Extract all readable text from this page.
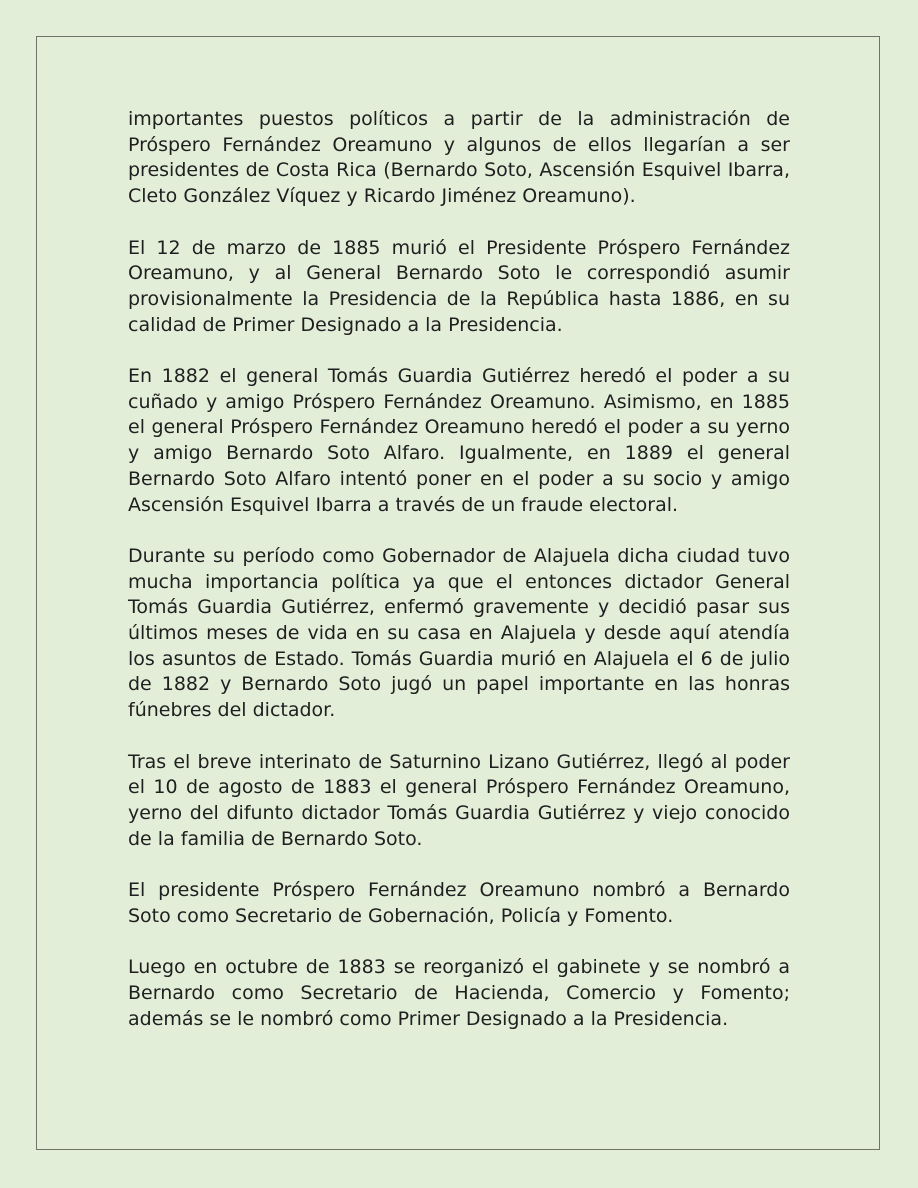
importantes puestos políticos a partir de la administración de Próspero Fernández Oreamuno y algunos de ellos llegarían a ser presidentes de Costa Rica (Bernardo Soto, Ascensión Esquivel Ibarra, Cleto González Víquez y Ricardo Jiménez Oreamuno).

El 12 de marzo de 1885 murió el Presidente Próspero Fernández Oreamuno, y al General Bernardo Soto le correspondió asumir provisionalmente la Presidencia de la República hasta 1886, en su calidad de Primer Designado a la Presidencia.

En 1882 el general Tomás Guardia Gutiérrez heredó el poder a su cuñado y amigo Próspero Fernández Oreamuno. Asimismo, en 1885 el general Próspero Fernández Oreamuno heredó el poder a su yerno y amigo Bernardo Soto Alfaro. Igualmente, en 1889 el general Bernardo Soto Alfaro intentó poner en el poder a su socio y amigo Ascensión Esquivel Ibarra a través de un fraude electoral.

Durante su período como Gobernador de Alajuela dicha ciudad tuvo mucha importancia política ya que el entonces dictador General Tomás Guardia Gutiérrez, enfermó gravemente y decidió pasar sus últimos meses de vida en su casa en Alajuela y desde aquí atendía los asuntos de Estado. Tomás Guardia murió en Alajuela el 6 de julio de 1882 y Bernardo Soto jugó un papel importante en las honras fúnebres del dictador.

Tras el breve interinato de Saturnino Lizano Gutiérrez, llegó al poder el 10 de agosto de 1883 el general Próspero Fernández Oreamuno, yerno del difunto dictador Tomás Guardia Gutiérrez y viejo conocido de la familia de Bernardo Soto.

El presidente Próspero Fernández Oreamuno nombró a Bernardo Soto como Secretario de Gobernación, Policía y Fomento.

Luego en octubre de 1883 se reorganizó el gabinete y se nombró a Bernardo como Secretario de Hacienda, Comercio y Fomento; además se le nombró como Primer Designado a la Presidencia.
